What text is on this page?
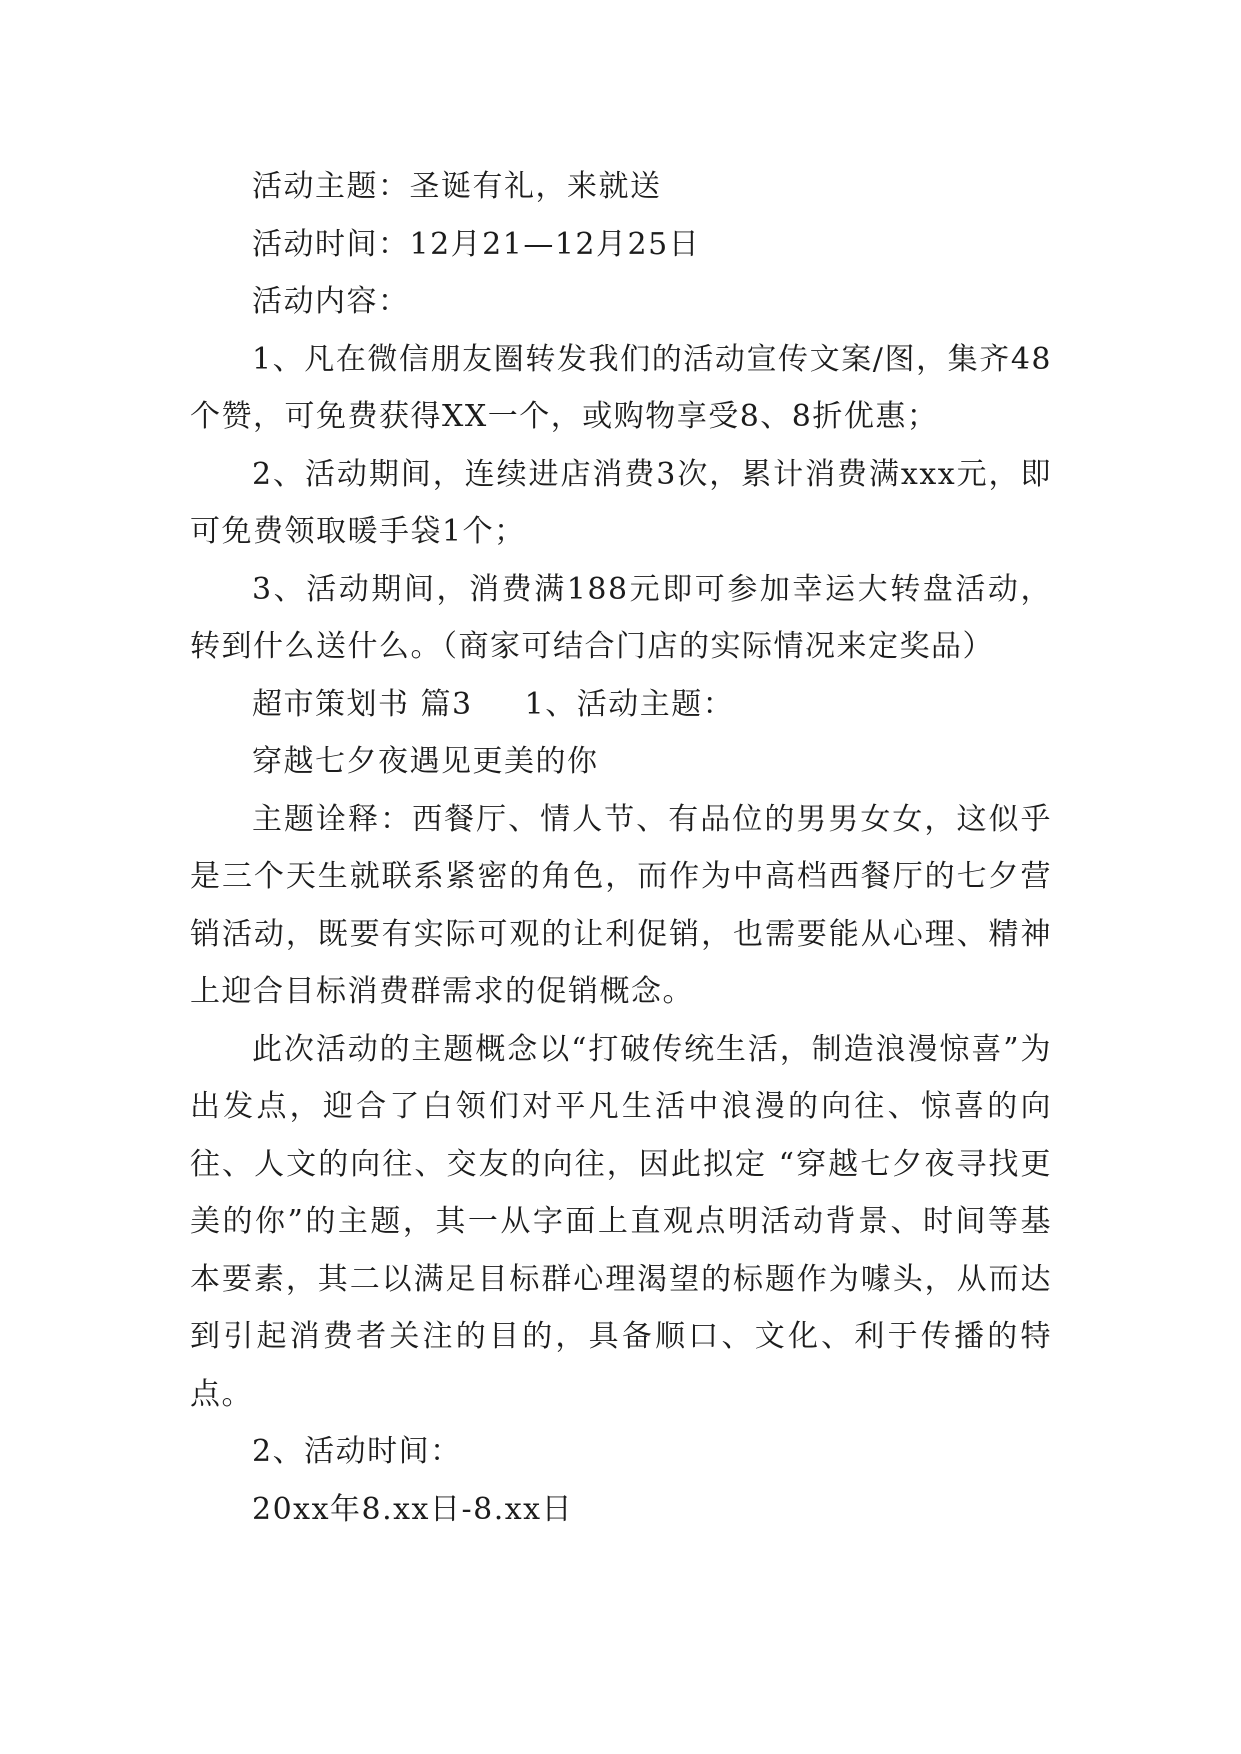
活动主题：圣诞有礼，来就送

活动时间：12月21—12月25日

活动内容：

1、凡在微信朋友圈转发我们的活动宣传文案/图，集齐48个赞，可免费获得XX一个，或购物享受8、8折优惠；

2、活动期间，连续进店消费3次，累计消费满xxx元，即可免费领取暖手袋1个；

3、活动期间，消费满188元即可参加幸运大转盘活动，转到什么送什么。（商家可结合门店的实际情况来定奖品）

超市策划书 篇3 1、活动主题：

穿越七夕夜遇见更美的你

主题诠释：西餐厅、情人节、有品位的男男女女，这似乎是三个天生就联系紧密的角色，而作为中高档西餐厅的七夕营销活动，既要有实际可观的让利促销，也需要能从心理、精神上迎合目标消费群需求的促销概念。

此次活动的主题概念以“打破传统生活，制造浪漫惊喜”为出发点，迎合了白领们对平凡生活中浪漫的向往、惊喜的向往、人文的向往、交友的向往，因此拟定 “穿越七夕夜寻找更美的你”的主题，其一从字面上直观点明活动背景、时间等基本要素，其二以满足目标群心理渴望的标题作为噱头，从而达到引起消费者关注的目的，具备顺口、文化、利于传播的特点。

2、活动时间：

20xx年8.xx日-8.xx日
